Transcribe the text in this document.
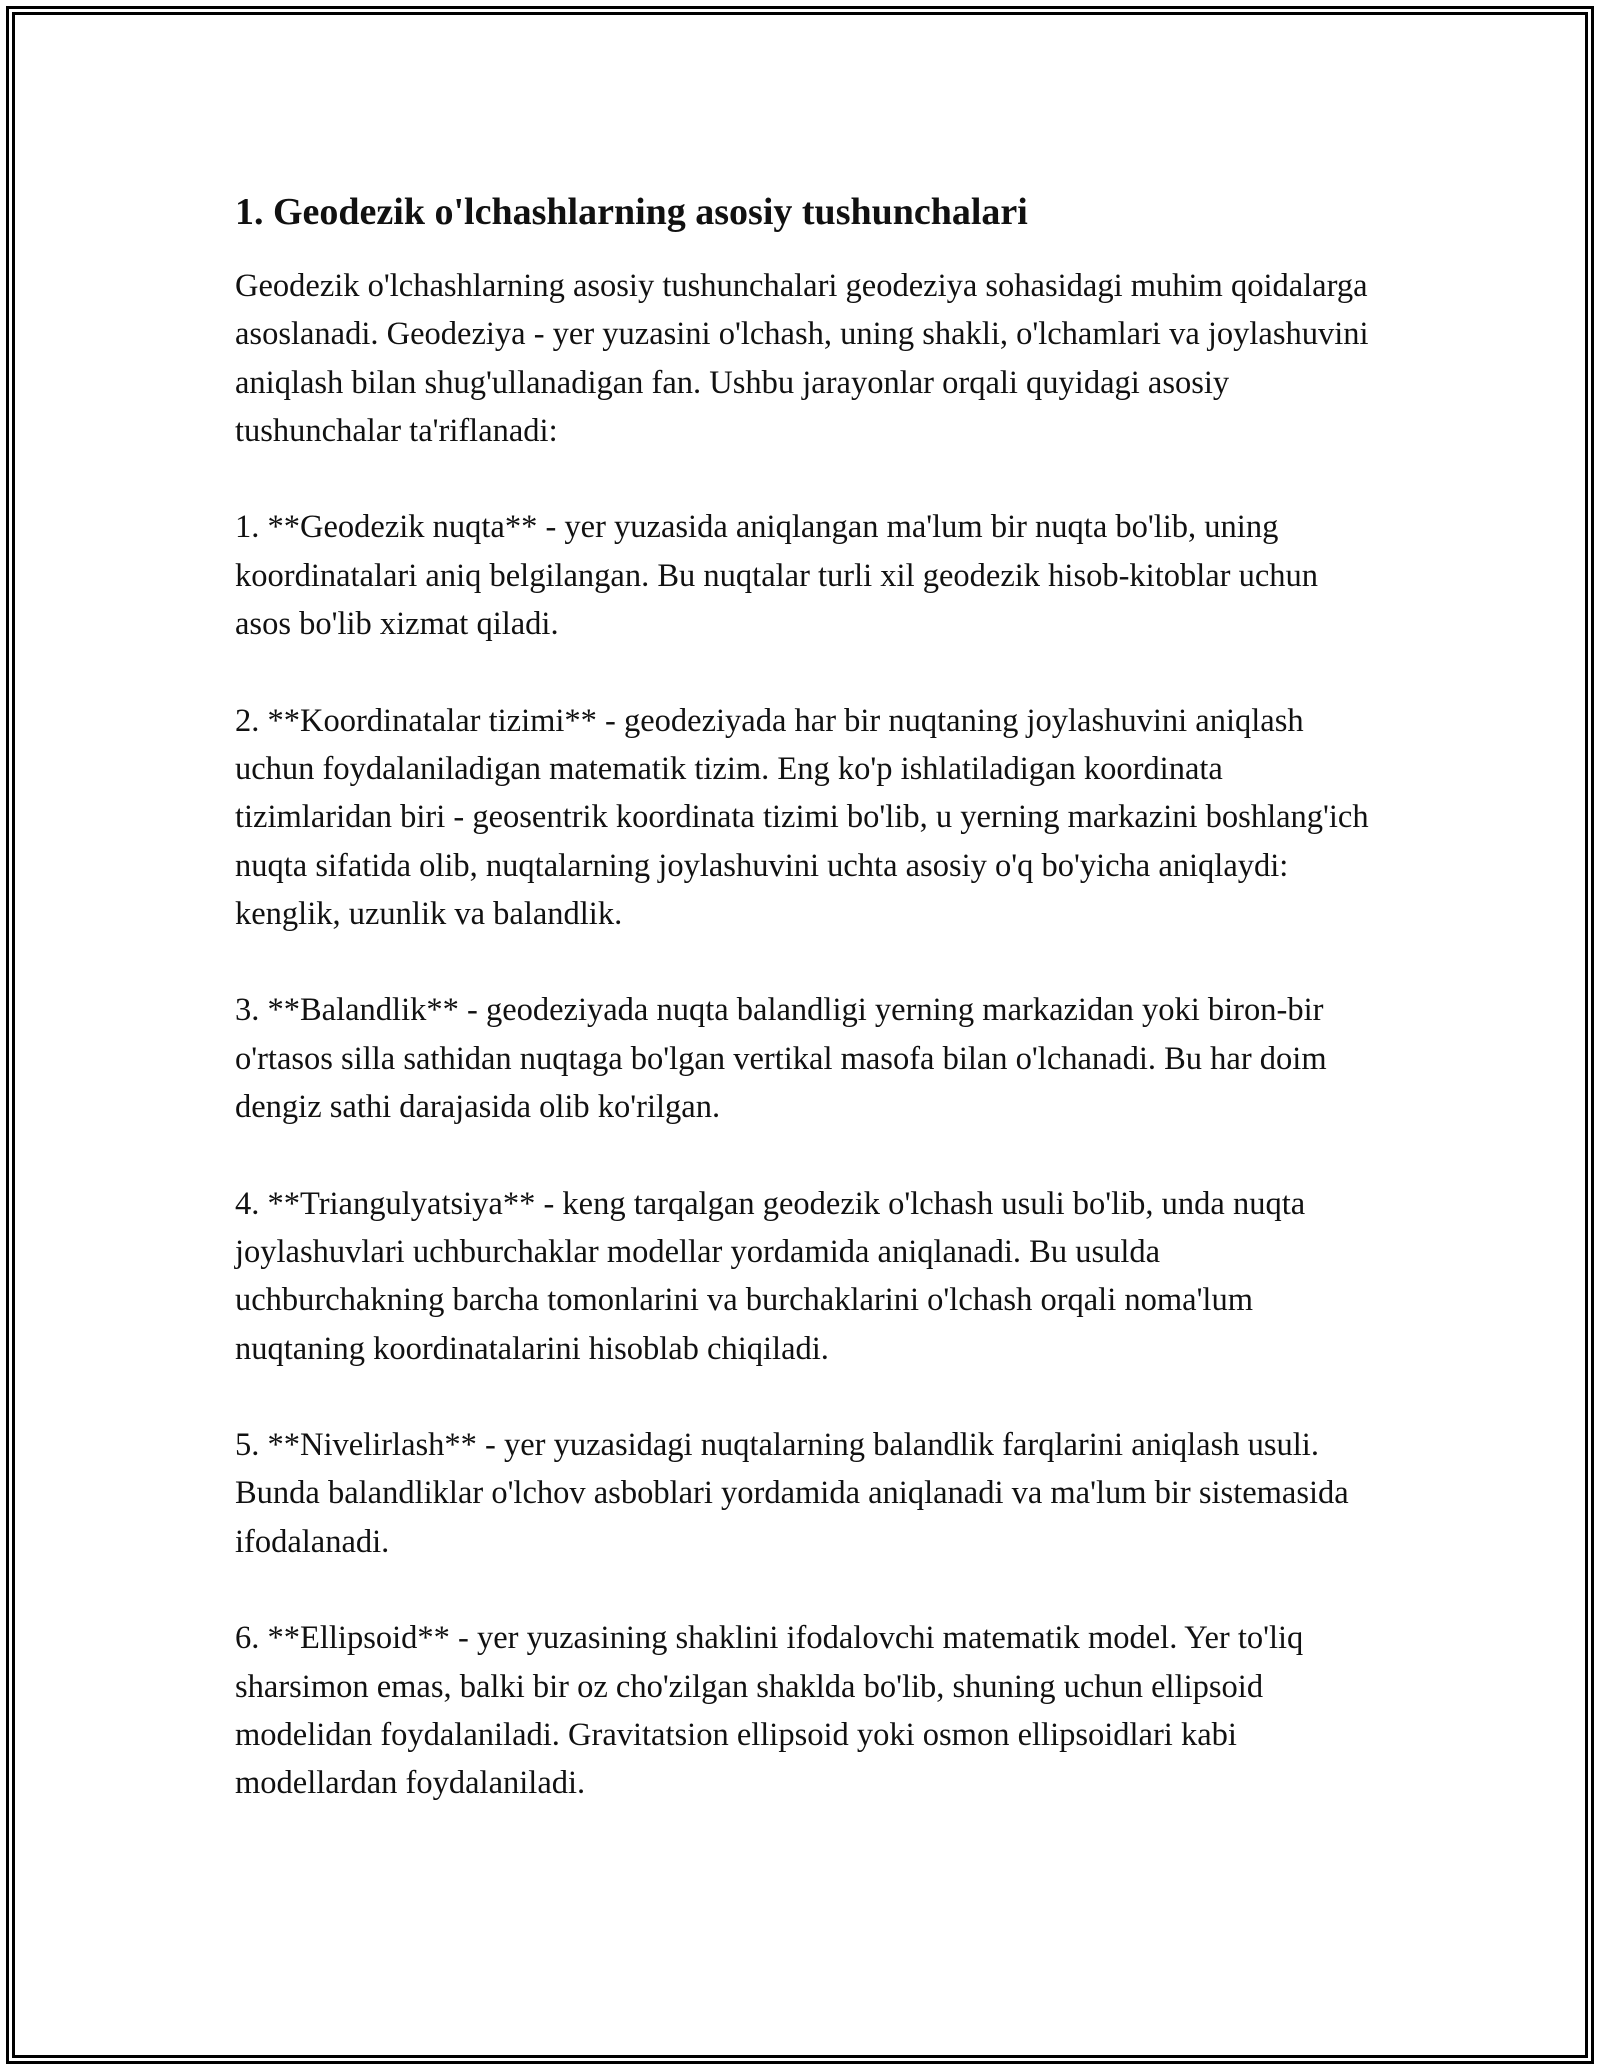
1. Geodezik o'lchashlarning asosiy tushunchalari

Geodezik o'lchashlarning asosiy tushunchalari geodeziya sohasidagi muhim qoidalarga asoslanadi. Geodeziya - yer yuzasini o'lchash, uning shakli, o'lchamlari va joylashuvini aniqlash bilan shug'ullanadigan fan. Ushbu jarayonlar orqali quyidagi asosiy tushunchalar ta'riflanadi:

1. **Geodezik nuqta** - yer yuzasida aniqlangan ma'lum bir nuqta bo'lib, uning koordinatalari aniq belgilangan. Bu nuqtalar turli xil geodezik hisob-kitoblar uchun asos bo'lib xizmat qiladi.

2. **Koordinatalar tizimi** - geodeziyada har bir nuqtaning joylashuvini aniqlash uchun foydalaniladigan matematik tizim. Eng ko'p ishlatiladigan koordinata tizimlaridan biri - geosentrik koordinata tizimi bo'lib, u yerning markazini boshlang'ich nuqta sifatida olib, nuqtalarning joylashuvini uchta asosiy o'q bo'yicha aniqlaydi: kenglik, uzunlik va balandlik.

3. **Balandlik** - geodeziyada nuqta balandligi yerning markazidan yoki biron-bir o'rtasos silla sathidan nuqtaga bo'lgan vertikal masofa bilan o'lchanadi. Bu har doim dengiz sathi darajasida olib ko'rilgan.

4. **Triangulyatsiya** - keng tarqalgan geodezik o'lchash usuli bo'lib, unda nuqta joylashuvlari uchburchaklar modellar yordamida aniqlanadi. Bu usulda uchburchakning barcha tomonlarini va burchaklarini o'lchash orqali noma'lum nuqtaning koordinatalarini hisoblab chiqiladi.

5. **Nivelirlash** - yer yuzasidagi nuqtalarning balandlik farqlarini aniqlash usuli. Bunda balandliklar o'lchov asboblari yordamida aniqlanadi va ma'lum bir sistemasida ifodalanadi.

6. **Ellipsoid** - yer yuzasining shaklini ifodalovchi matematik model. Yer to'liq sharsimon emas, balki bir oz cho'zilgan shaklda bo'lib, shuning uchun ellipsoid modelidan foydalaniladi. Gravitatsion ellipsoid yoki osmon ellipsoidlari kabi modellardan foydalaniladi.
